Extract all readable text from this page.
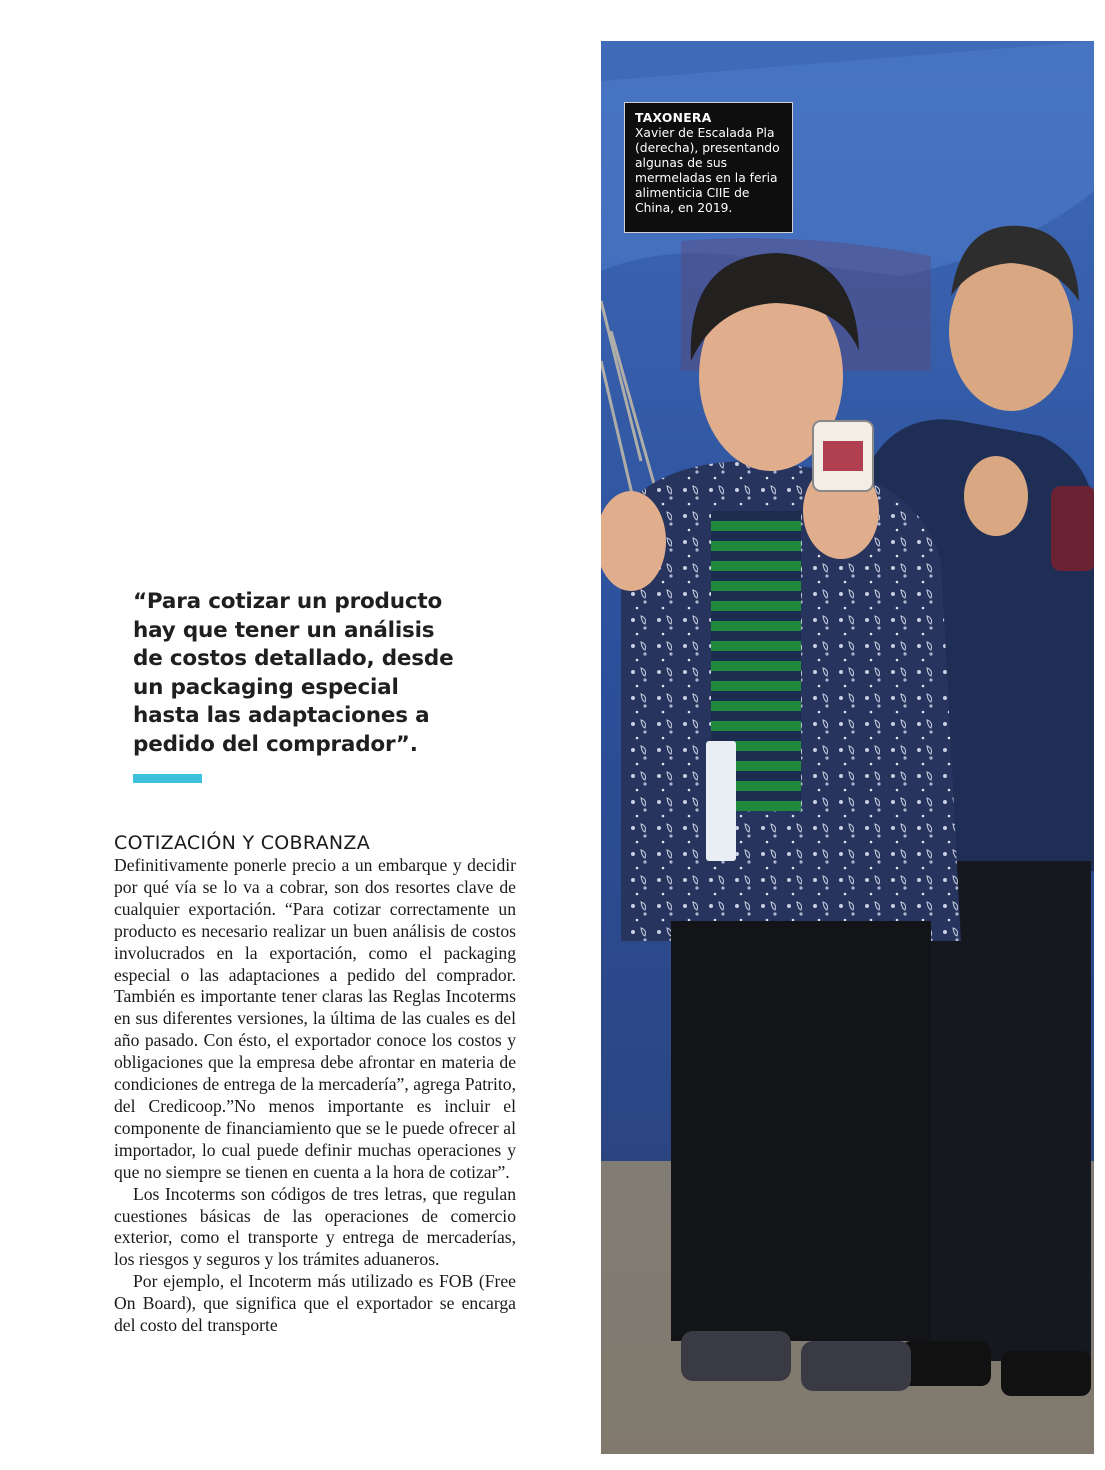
“Para cotizar un producto hay que tener un análisis de costos detallado, desde un packaging especial hasta las adaptaciones a pedido del comprador”.
COTIZACIÓN Y COBRANZA

Definitivamente ponerle precio a un embarque y decidir por qué vía se lo va a cobrar, son dos resortes clave de cualquier exportación. “Para cotizar correctamente un producto es necesario realizar un buen análisis de costos involucrados en la exportación, como el packaging especial o las adaptaciones a pedido del comprador. También es importante tener claras las Reglas Incoterms en sus diferentes versiones, la última de las cuales es del año pasado. Con ésto, el exportador conoce los costos y obligaciones que la empresa debe afrontar en materia de condiciones de entrega de la mercadería”, agrega Patrito, del Credicoop.”No menos importante es incluir el componente de financiamiento que se le puede ofrecer al importador, lo cual puede definir muchas operaciones y que no siempre se tienen en cuenta a la hora de cotizar”.

Los Incoterms son códigos de tres letras, que regulan cuestiones básicas de las operaciones de comercio exterior, como el transporte y entrega de mercaderías, los riesgos y seguros y los trámites aduaneros.

Por ejemplo, el Incoterm más utilizado es FOB (Free On Board), que significa que el exportador se encarga del costo del transporte

TAXONERA
Xavier de Escalada Pla (derecha), presentando algunas de sus mermeladas en la feria alimenticia CIIE de China, en 2019.
